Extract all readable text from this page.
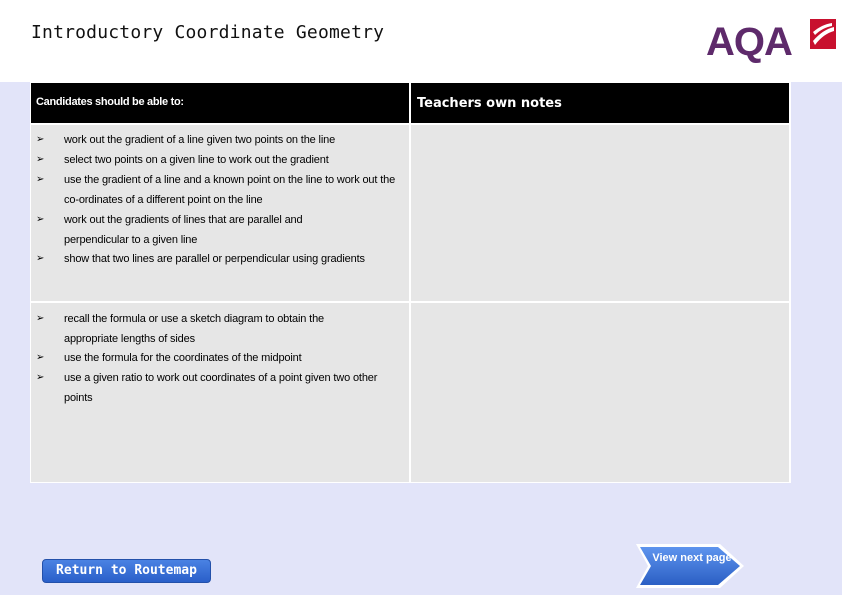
Introductory Coordinate Geometry	AQA
Candidates should be able to:	Teachers own notes
➢ work out the gradient of a line given two points on the line
➢ select two points on a given line to work out the gradient
➢ use the gradient of a line and a known point on the line to work out the co-ordinates of a different point on the line
➢ work out the gradients of lines that are parallel and perpendicular to a given line
➢ show that two lines are parallel or perpendicular using gradients
➢ recall the formula or use a sketch diagram to obtain the appropriate lengths of sides
➢ use the formula for the coordinates of the midpoint
➢ use a given ratio to work out coordinates of a point given two other points
Return to Routemap
View next page
